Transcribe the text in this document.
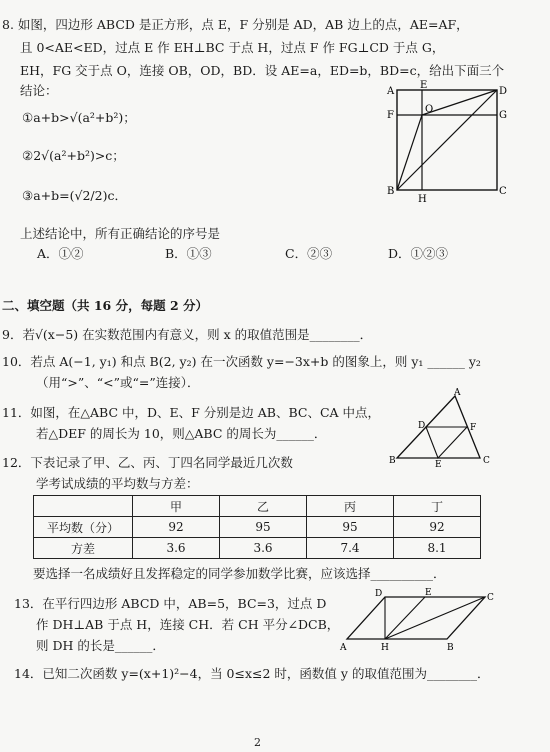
8. 如图，四边形 ABCD 是正方形，点 E，F 分别是 AD，AB 边上的点，AE=AF，
且 0<AE<ED，过点 E 作 EH⊥BC 于点 H，过点 F 作 FG⊥CD 于点 G，
EH，FG 交于点 O，连接 OB，OD，BD．设 AE=a，ED=b，BD=c，给出下面三个
结论：
①a+b>√(a²+b²)；
②2√(a²+b²)>c；
③a+b=(√2/2)c．
上述结论中，所有正确结论的序号是
A．①②	B．①③	C．②③	D．①②③
A
E
D
F
O
G
B
H
C
二、填空题（共 16 分，每题 2 分）
9．若√(x−5) 在实数范围内有意义，则 x 的取值范围是________．
10．若点 A(−1, y₁) 和点 B(2, y₂) 在一次函数 y=−3x+b 的图象上，则 y₁ ______ y₂
（用“>”、“<”或“=”连接）．
11．如图，在△ABC 中，D、E、F 分别是边 AB、BC、CA 中点，
若△DEF 的周长为 10，则△ABC 的周长为______．
A
D	F
B	E	C
12．下表记录了甲、乙、丙、丁四名同学最近几次数
学考试成绩的平均数与方差：
	甲	乙	丙	丁
平均数（分）	92	95	95	92
方差	3.6	3.6	7.4	8.1
要选择一名成绩好且发挥稳定的同学参加数学比赛，应该选择__________．
13．在平行四边形 ABCD 中，AB=5，BC=3，过点 D
作 DH⊥AB 于点 H，连接 CH．若 CH 平分∠DCB，
则 DH 的长是______．
D	E	C
A	H	B
14．已知二次函数 y=(x+1)²−4，当 0≤x≤2 时，函数值 y 的取值范围为________．
2
